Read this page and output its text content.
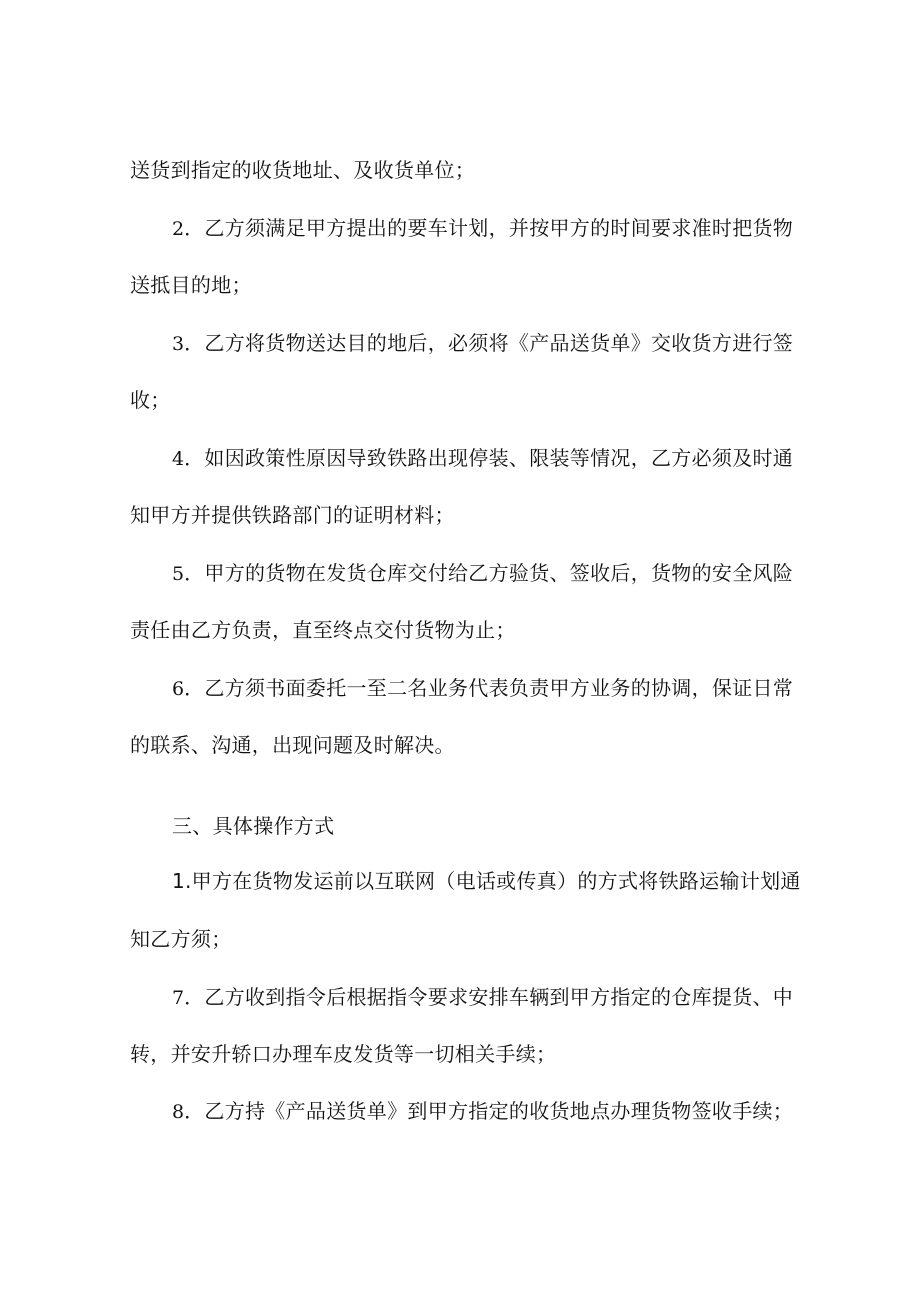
送货到指定的收货地址、及收货单位；
2．乙方须满足甲方提出的要车计划，并按甲方的时间要求准时把货物
送抵目的地；
3．乙方将货物送达目的地后，必须将《产品送货单》交收货方进行签
收；
4．如因政策性原因导致铁路出现停装、限装等情况，乙方必须及时通
知甲方并提供铁路部门的证明材料；
5．甲方的货物在发货仓库交付给乙方验货、签收后，货物的安全风险
责任由乙方负责，直至终点交付货物为止；
6．乙方须书面委托一至二名业务代表负责甲方业务的协调，保证日常
的联系、沟通，出现问题及时解决。
三、具体操作方式
1.甲方在货物发运前以互联网（电话或传真）的方式将铁路运输计划通
知乙方须；
7．乙方收到指令后根据指令要求安排车辆到甲方指定的仓库提货、中
转，并安升轿口办理车皮发货等一切相关手续；
8．乙方持《产品送货单》到甲方指定的收货地点办理货物签收手续；
